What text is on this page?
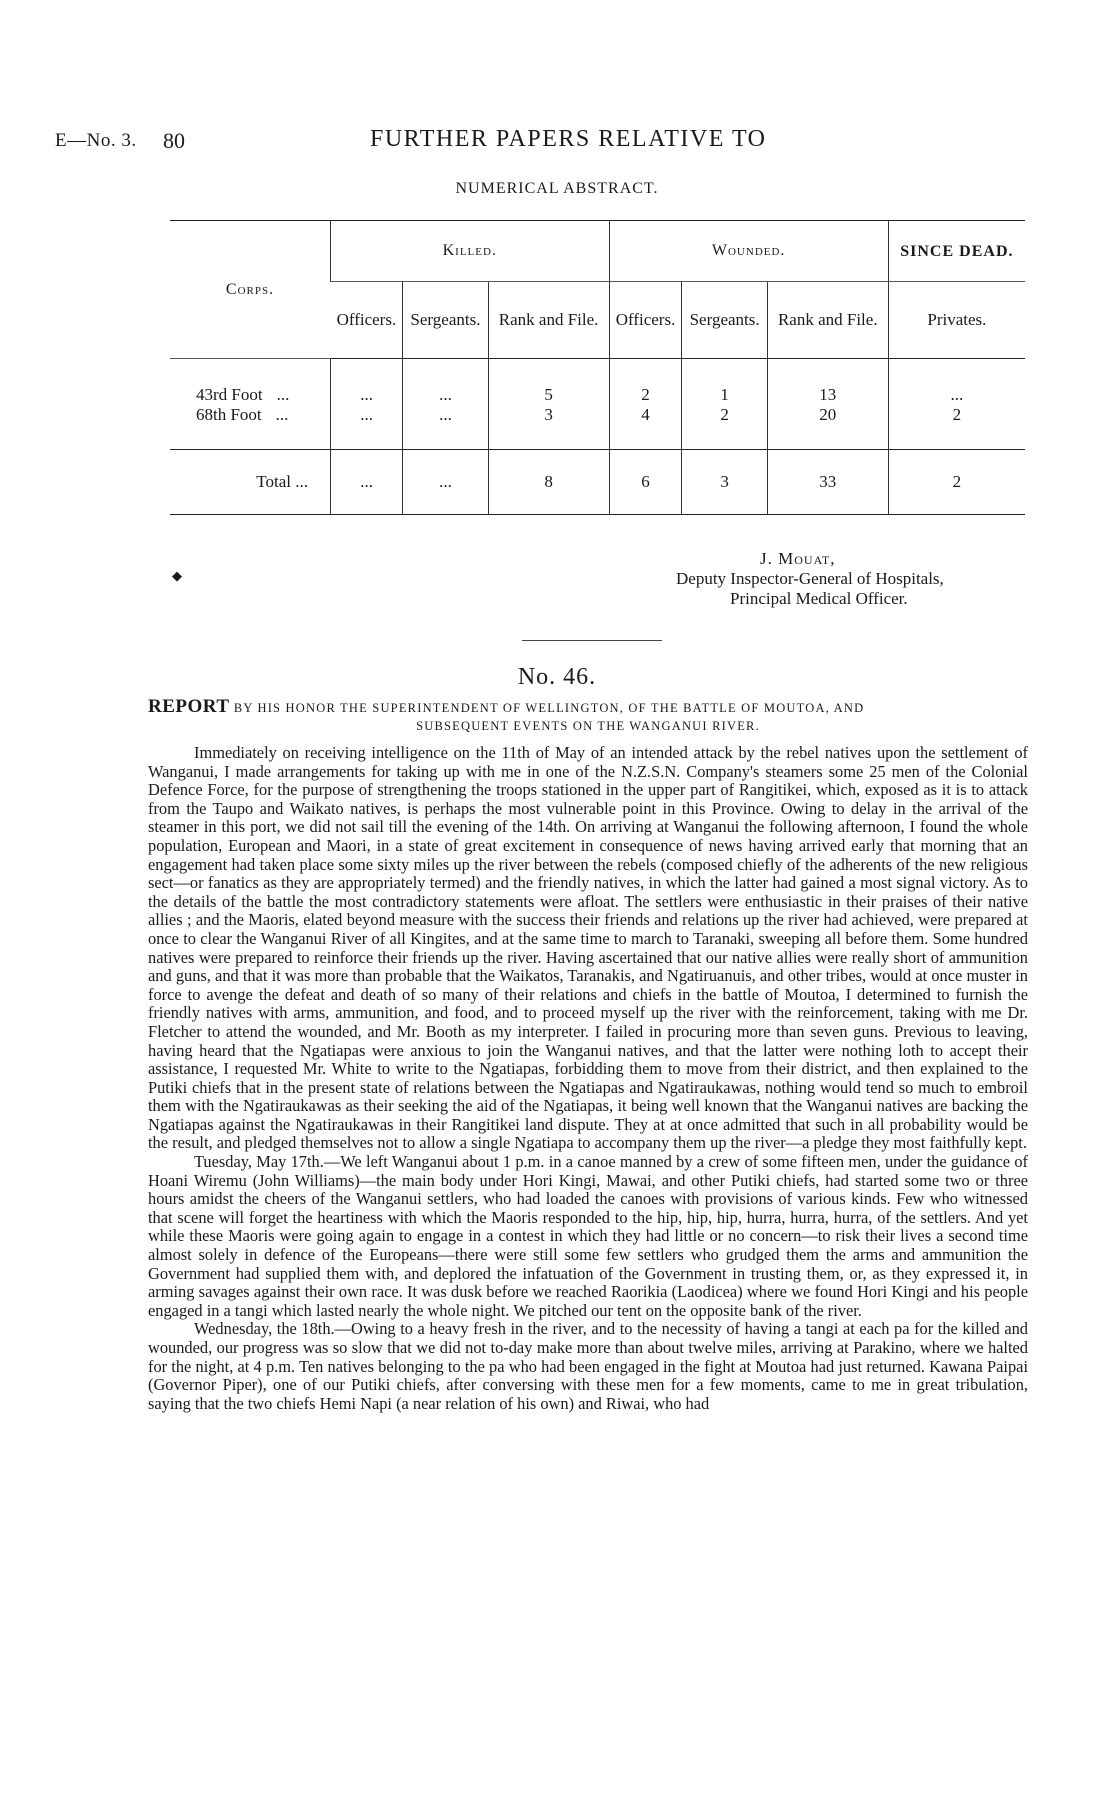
E—No. 3. 80	FURTHER PAPERS RELATIVE TO
NUMERICAL ABSTRACT.
Corps.	Killed.			Wounded.			SINCE DEAD.
	Officers.	Sergeants.	Rank and File.	Officers.	Sergeants.	Rank and File.	Privates.
43rd Foot ...	...	...	5	2	1	13	...
68th Foot ...	...	...	3	4	2	20	2
Total ...	...	...	8	6	3	33	2
◆
J. Mouat,
Deputy Inspector-General of Hospitals,
Principal Medical Officer.
No. 46.
REPORT BY HIS HONOR THE SUPERINTENDENT OF WELLINGTON, OF THE BATTLE OF MOUTOA, AND
SUBSEQUENT EVENTS ON THE WANGANUI RIVER.

Immediately on receiving intelligence on the 11th of May of an intended attack by the rebel natives upon the settlement of Wanganui, I made arrangements for taking up with me in one of the N.Z.S.N. Company's steamers some 25 men of the Colonial Defence Force, for the purpose of strengthening the troops stationed in the upper part of Rangitikei, which, exposed as it is to attack from the Taupo and Waikato natives, is perhaps the most vulnerable point in this Province. Owing to delay in the arrival of the steamer in this port, we did not sail till the evening of the 14th. On arriving at Wanganui the following afternoon, I found the whole population, European and Maori, in a state of great excitement in consequence of news having arrived early that morning that an engagement had taken place some sixty miles up the river between the rebels (composed chiefly of the adherents of the new religious sect—or fanatics as they are appropriately termed) and the friendly natives, in which the latter had gained a most signal victory. As to the details of the battle the most contradictory statements were afloat. The settlers were enthusiastic in their praises of their native allies ; and the Maoris, elated beyond measure with the success their friends and relations up the river had achieved, were prepared at once to clear the Wanganui River of all Kingites, and at the same time to march to Taranaki, sweeping all before them. Some hundred natives were prepared to reinforce their friends up the river. Having ascertained that our native allies were really short of ammunition and guns, and that it was more than probable that the Waikatos, Taranakis, and Ngatiruanuis, and other tribes, would at once muster in force to avenge the defeat and death of so many of their relations and chiefs in the battle of Moutoa, I determined to furnish the friendly natives with arms, ammunition, and food, and to proceed myself up the river with the reinforcement, taking with me Dr. Fletcher to attend the wounded, and Mr. Booth as my interpreter. I failed in procuring more than seven guns. Previous to leaving, having heard that the Ngatiapas were anxious to join the Wanganui natives, and that the latter were nothing loth to accept their assistance, I requested Mr. White to write to the Ngatiapas, forbidding them to move from their district, and then explained to the Putiki chiefs that in the present state of relations between the Ngatiapas and Ngatiraukawas, nothing would tend so much to embroil them with the Ngatiraukawas as their seeking the aid of the Ngatiapas, it being well known that the Wanganui natives are backing the Ngatiapas against the Ngatiraukawas in their Rangitikei land dispute. They at at once admitted that such in all probability would be the result, and pledged themselves not to allow a single Ngatiapa to accompany them up the river—a pledge they most faithfully kept.

Tuesday, May 17th.—We left Wanganui about 1 p.m. in a canoe manned by a crew of some fifteen men, under the guidance of Hoani Wiremu (John Williams)—the main body under Hori Kingi, Mawai, and other Putiki chiefs, had started some two or three hours amidst the cheers of the Wanganui settlers, who had loaded the canoes with provisions of various kinds. Few who witnessed that scene will forget the heartiness with which the Maoris responded to the hip, hip, hip, hurra, hurra, hurra, of the settlers. And yet while these Maoris were going again to engage in a contest in which they had little or no concern—to risk their lives a second time almost solely in defence of the Europeans—there were still some few settlers who grudged them the arms and ammunition the Government had supplied them with, and deplored the infatuation of the Government in trusting them, or, as they expressed it, in arming savages against their own race. It was dusk before we reached Raorikia (Laodicea) where we found Hori Kingi and his people engaged in a tangi which lasted nearly the whole night. We pitched our tent on the opposite bank of the river.

Wednesday, the 18th.—Owing to a heavy fresh in the river, and to the necessity of having a tangi at each pa for the killed and wounded, our progress was so slow that we did not to-day make more than about twelve miles, arriving at Parakino, where we halted for the night, at 4 p.m. Ten natives belonging to the pa who had been engaged in the fight at Moutoa had just returned. Kawana Paipai (Governor Piper), one of our Putiki chiefs, after conversing with these men for a few moments, came to me in great tribulation, saying that the two chiefs Hemi Napi (a near relation of his own) and Riwai, who had
